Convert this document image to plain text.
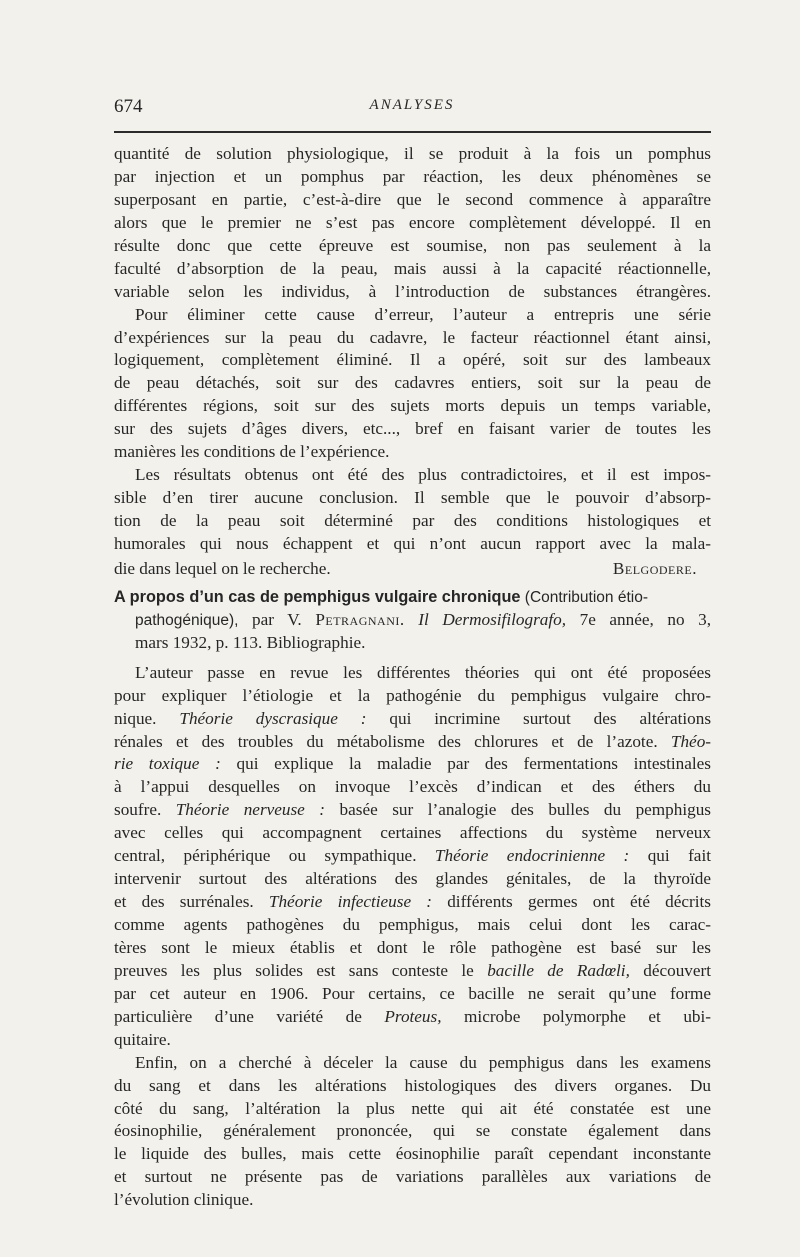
674	ANALYSES
quantité de solution physiologique, il se produit à la fois un pomphus
par injection et un pomphus par réaction, les deux phénomènes se
superposant en partie, c’est-à-dire que le second commence à apparaître
alors que le premier ne s’est pas encore complètement développé. Il en
résulte donc que cette épreuve est soumise, non pas seulement à la
faculté d’absorption de la peau, mais aussi à la capacité réactionnelle,
variable selon les individus, à l’introduction de substances étrangères.
Pour éliminer cette cause d’erreur, l’auteur a entrepris une série
d’expériences sur la peau du cadavre, le facteur réactionnel étant ainsi,
logiquement, complètement éliminé. Il a opéré, soit sur des lambeaux
de peau détachés, soit sur des cadavres entiers, soit sur la peau de
différentes régions, soit sur des sujets morts depuis un temps variable,
sur des sujets d’âges divers, etc..., bref en faisant varier de toutes les
manières les conditions de l’expérience.
Les résultats obtenus ont été des plus contradictoires, et il est impos-
sible d’en tirer aucune conclusion. Il semble que le pouvoir d’absorp-
tion de la peau soit déterminé par des conditions histologiques et
humorales qui nous échappent et qui n’ont aucun rapport avec la mala-
die dans lequel on le recherche.	Belgodere.
A propos d’un cas de pemphigus vulgaire chronique (Contribution étio-
pathogénique), par V. Petragnani. Il Dermosifilografo, 7e année, no 3,
mars 1932, p. 113. Bibliographie.
L’auteur passe en revue les différentes théories qui ont été proposées
pour expliquer l’étiologie et la pathogénie du pemphigus vulgaire chro-
nique. Théorie dyscrasique : qui incrimine surtout des altérations
rénales et des troubles du métabolisme des chlorures et de l’azote. Théo-
rie toxique : qui explique la maladie par des fermentations intestinales
à l’appui desquelles on invoque l’excès d’indican et des éthers du
soufre. Théorie nerveuse : basée sur l’analogie des bulles du pemphigus
avec celles qui accompagnent certaines affections du système nerveux
central, périphérique ou sympathique. Théorie endocrinienne : qui fait
intervenir surtout des altérations des glandes génitales, de la thyroïde
et des surrénales. Théorie infectieuse : différents germes ont été décrits
comme agents pathogènes du pemphigus, mais celui dont les carac-
tères sont le mieux établis et dont le rôle pathogène est basé sur les
preuves les plus solides est sans conteste le bacille de Radœli, découvert
par cet auteur en 1906. Pour certains, ce bacille ne serait qu’une forme
particulière d’une variété de Proteus, microbe polymorphe et ubi-
quitaire.
Enfin, on a cherché à déceler la cause du pemphigus dans les examens
du sang et dans les altérations histologiques des divers organes. Du
côté du sang, l’altération la plus nette qui ait été constatée est une
éosinophilie, généralement prononcée, qui se constate également dans
le liquide des bulles, mais cette éosinophilie paraît cependant inconstante
et surtout ne présente pas de variations parallèles aux variations de
l’évolution clinique.
